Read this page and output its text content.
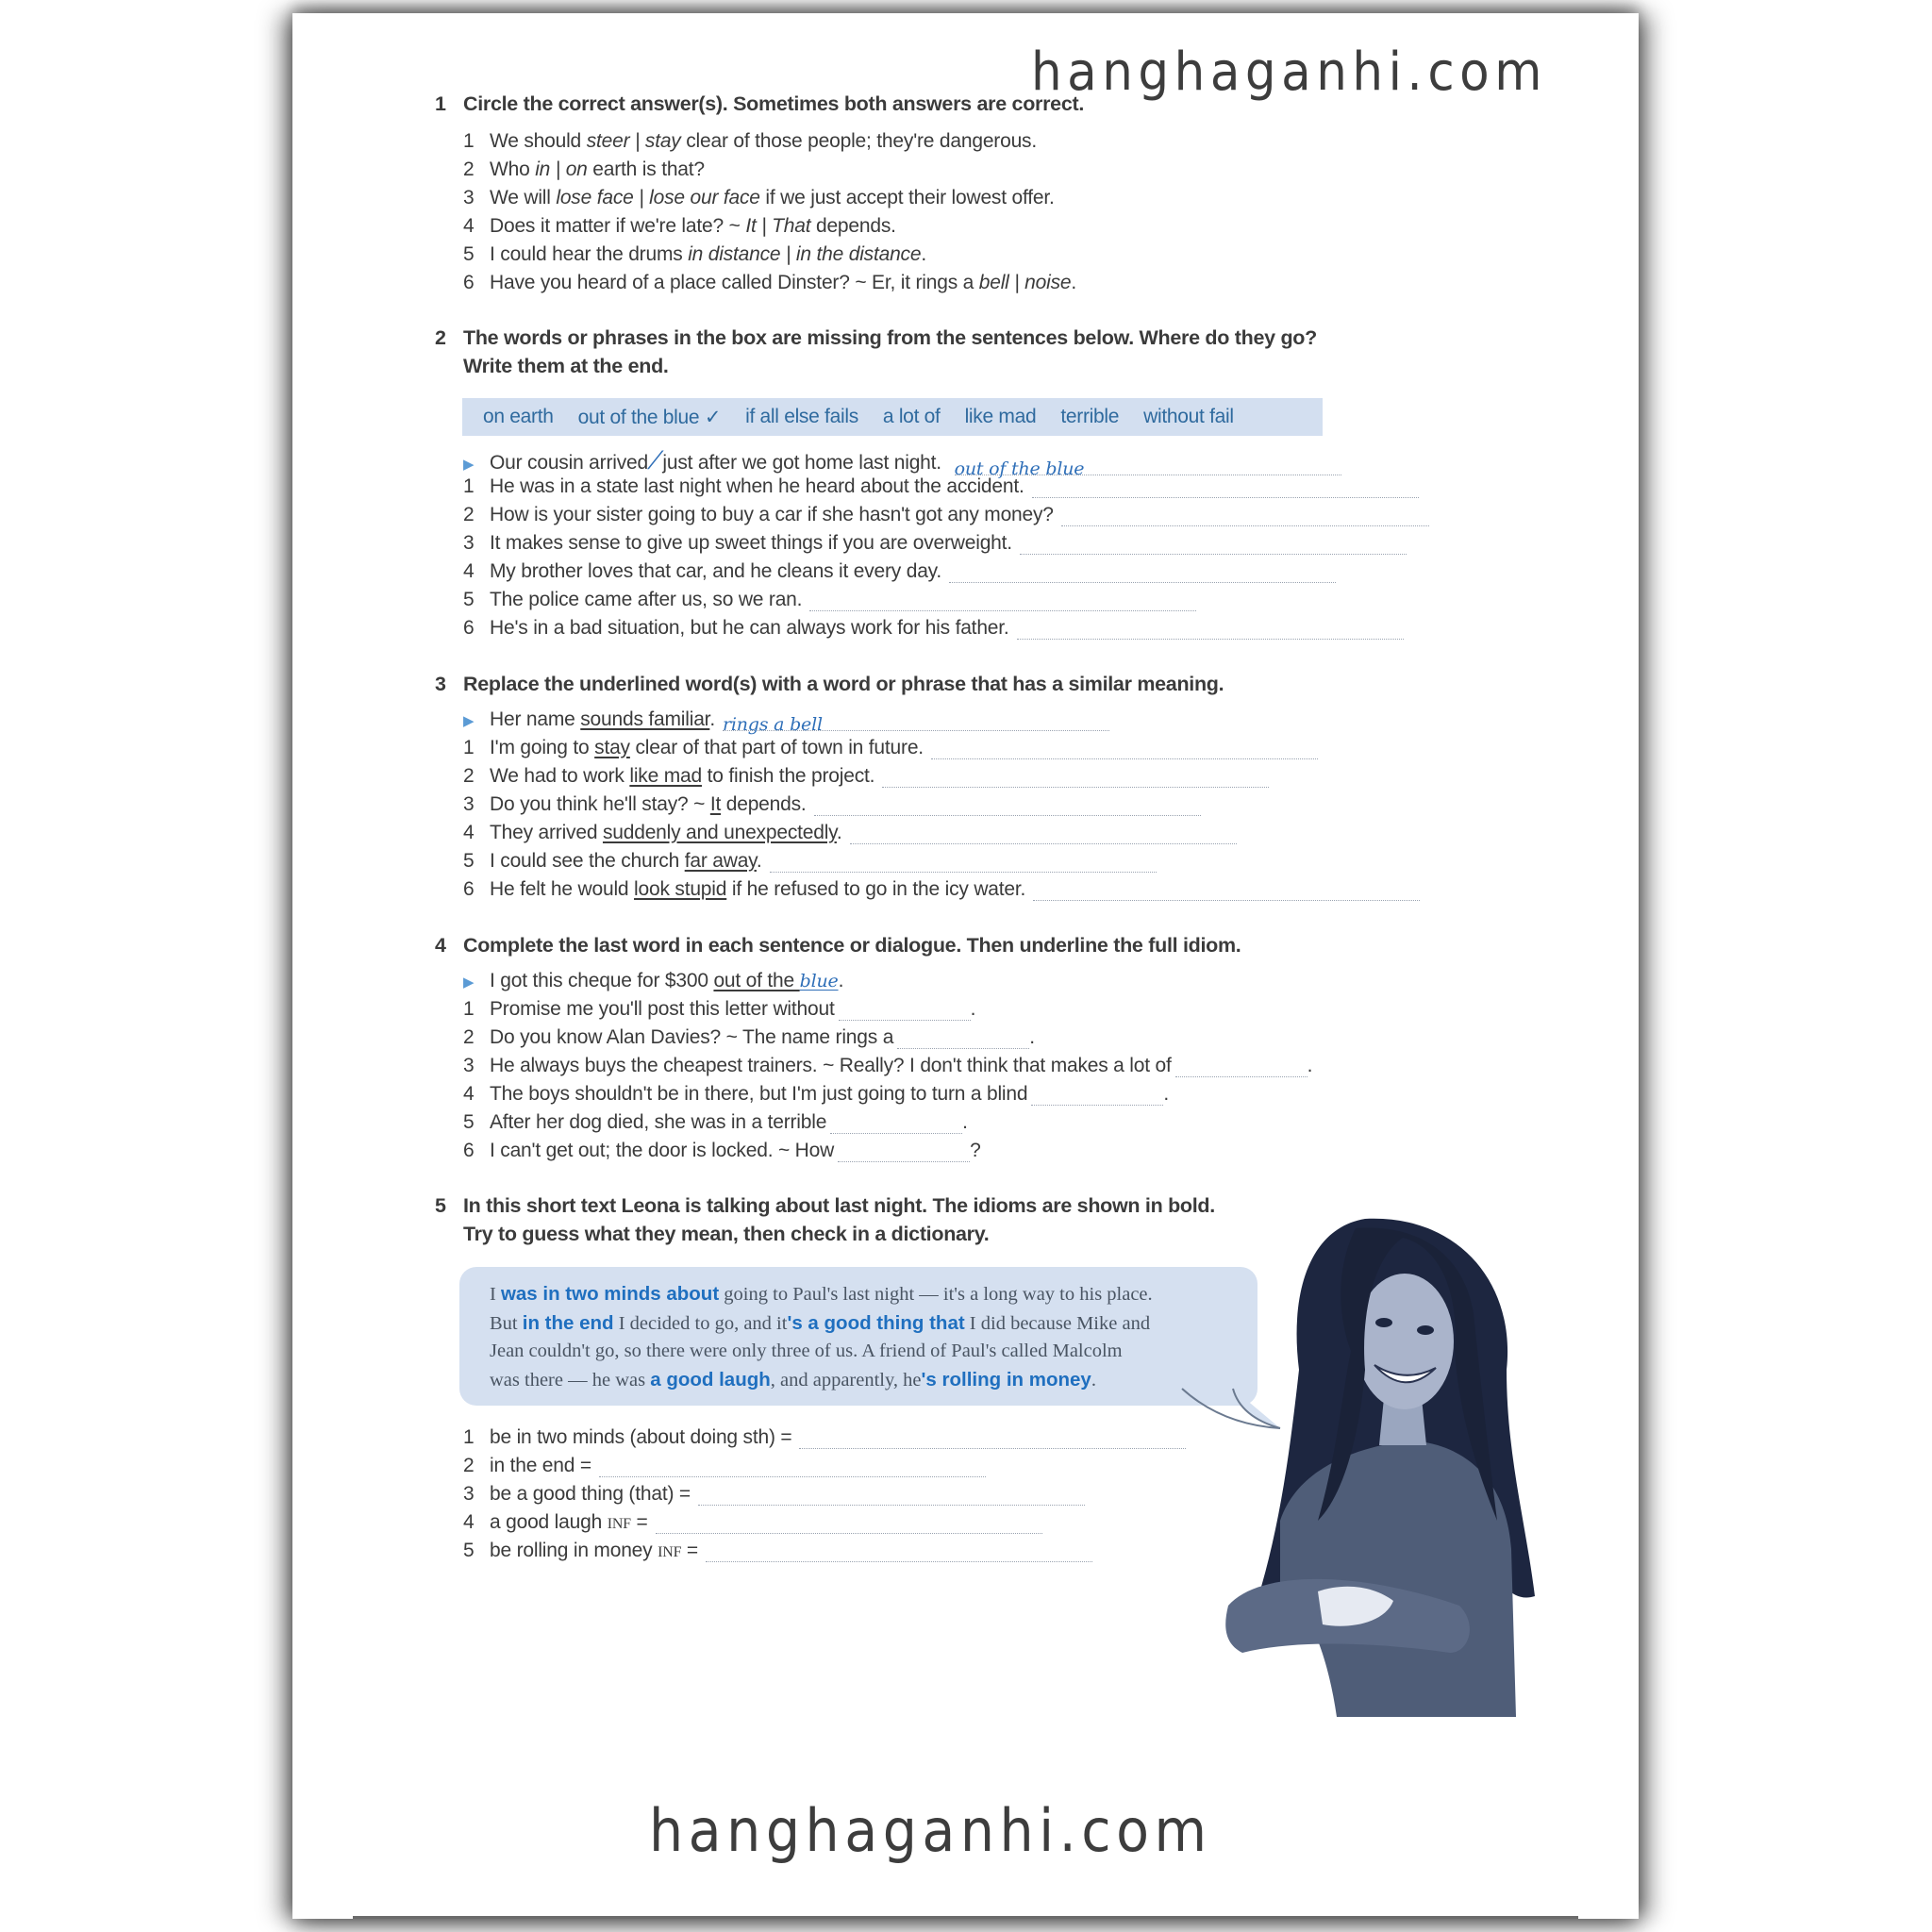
hanghaganhi.com
1 Circle the correct answer(s). Sometimes both answers are correct.
1 We should steer | stay clear of those people; they're dangerous.
2 Who in | on earth is that?
3 We will lose face | lose our face if we just accept their lowest offer.
4 Does it matter if we're late? ~ It | That depends.
5 I could hear the drums in distance | in the distance.
6 Have you heard of a place called Dinster? ~ Er, it rings a bell | noise.
2 The words or phrases in the box are missing from the sentences below. Where do they go?
Write them at the end.
on earth out of the blue ✓ if all else fails a lot of like mad terrible without fail
▶ Our cousin arrived ⁄ just after we got home last night. out of the blue
1 He was in a state last night when he heard about the accident.
2 How is your sister going to buy a car if she hasn't got any money?
3 It makes sense to give up sweet things if you are overweight.
4 My brother loves that car, and he cleans it every day.
5 The police came after us, so we ran.
6 He's in a bad situation, but he can always work for his father.
3 Replace the underlined word(s) with a word or phrase that has a similar meaning.
▶ Her name sounds familiar. rings a bell
1 I'm going to stay clear of that part of town in future.
2 We had to work like mad to finish the project.
3 Do you think he'll stay? ~ It depends.
4 They arrived suddenly and unexpectedly.
5 I could see the church far away.
6 He felt he would look stupid if he refused to go in the icy water.
4 Complete the last word in each sentence or dialogue. Then underline the full idiom.
▶ I got this cheque for $300 out of the blue.
1 Promise me you'll post this letter without	.
2 Do you know Alan Davies? ~ The name rings a	.
3 He always buys the cheapest trainers. ~ Really? I don't think that makes a lot of	.
4 The boys shouldn't be in there, but I'm just going to turn a blind	.
5 After her dog died, she was in a terrible	.
6 I can't get out; the door is locked. ~ How	?
5 In this short text Leona is talking about last night. The idioms are shown in bold.
Try to guess what they mean, then check in a dictionary.
I was in two minds about going to Paul's last night — it's a long way to his place.
But in the end I decided to go, and it's a good thing that I did because Mike and
Jean couldn't go, so there were only three of us. A friend of Paul's called Malcolm
was there — he was a good laugh, and apparently, he's rolling in money.
1 be in two minds (about doing sth) =
2 in the end =
3 be a good thing (that) =
4 a good laugh INF =
5 be rolling in money INF =
hanghaganhi.com
